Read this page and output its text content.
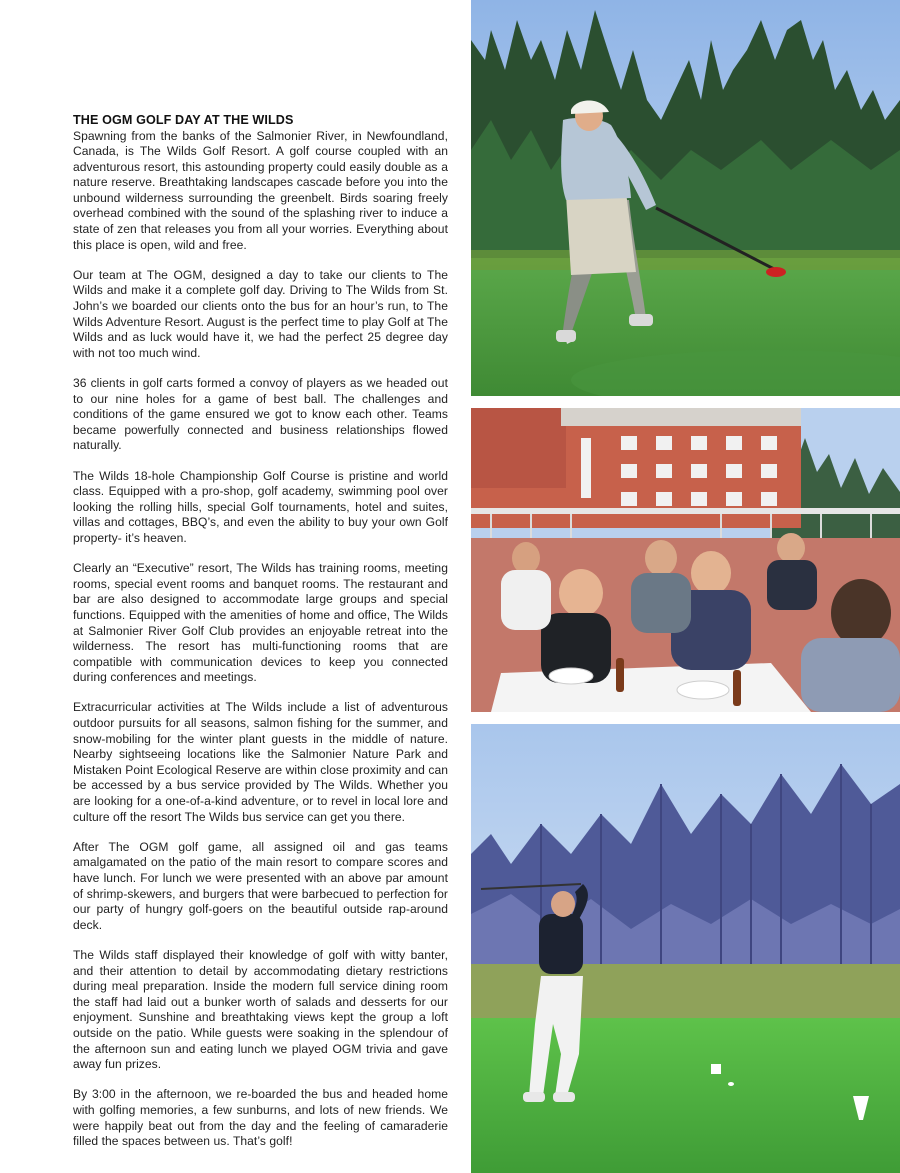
THE OGM GOLF DAY AT THE WILDS

Spawning from the banks of the Salmonier River, in Newfoundland, Canada, is The Wilds Golf Resort. A golf course coupled with an adventurous resort, this astounding property could easily double as a nature reserve. Breathtaking landscapes cascade before you into the unbound wilderness surrounding the greenbelt. Birds soaring freely overhead combined with the sound of the splashing river to induce a state of zen that releases you from all your worries. Everything about this place is open, wild and free.

Our team at The OGM, designed a day to take our clients to The Wilds and make it a complete golf day. Driving to The Wilds from St. John’s we boarded our clients onto the bus for an hour’s run, to The Wilds Adventure Resort. August is the perfect time to play Golf at The Wilds and as luck would have it, we had the perfect 25 degree day with not too much wind.

36 clients in golf carts formed a convoy of players as we headed out to our nine holes for a game of best ball. The challenges and conditions of the game ensured we got to know each other. Teams became powerfully connected and business relationships flowed naturally.

The Wilds 18-hole Championship Golf Course is pristine and world class. Equipped with a pro-shop, golf academy, swimming pool over looking the rolling hills, special Golf tournaments, hotel and suites, villas and cottages, BBQ’s, and even the ability to buy your own Golf property- it’s heaven.

Clearly an “Executive” resort, The Wilds has training rooms, meeting rooms, special event rooms and banquet rooms. The restaurant and bar are also designed to accommodate large groups and special functions. Equipped with the amenities of home and office, The Wilds at Salmonier River Golf Club provides an enjoyable retreat into the wilderness. The resort has multi-functioning rooms that are compatible with communication devices to keep you connected during conferences and meetings.

Extracurricular activities at The Wilds include a list of adventurous outdoor pursuits for all seasons, salmon fishing for the summer, and snow-mobiling for the winter plant guests in the middle of nature. Nearby sightseeing locations like the Salmonier Nature Park and Mistaken Point Ecological Reserve are within close proximity and can be accessed by a bus service provided by The Wilds. Whether you are looking for a one-of-a-kind adventure, or to revel in local lore and culture off the resort The Wilds bus service can get you there.

After The OGM golf game, all assigned oil and gas teams amalgamated on the patio of the main resort to compare scores and have lunch. For lunch we were presented with an above par amount of shrimp-skewers, and burgers that were barbecued to perfection for our party of hungry golf-goers on the beautiful outside rap-around deck.

The Wilds staff displayed their knowledge of golf with witty banter, and their attention to detail by accommodating dietary restrictions during meal preparation. Inside the modern full service dining room the staff had laid out a bunker worth of salads and desserts for our enjoyment. Sunshine and breathtaking views kept the group a loft outside on the patio. While guests were soaking in the splendour of the afternoon sun and eating lunch we played OGM trivia and gave away fun prizes.

By 3:00 in the afternoon, we re-boarded the bus and headed home with golfing memories, a few sunburns, and lots of new friends. We were happily beat out from the day and the feeling of camaraderie filled the spaces between us. That’s golf!
